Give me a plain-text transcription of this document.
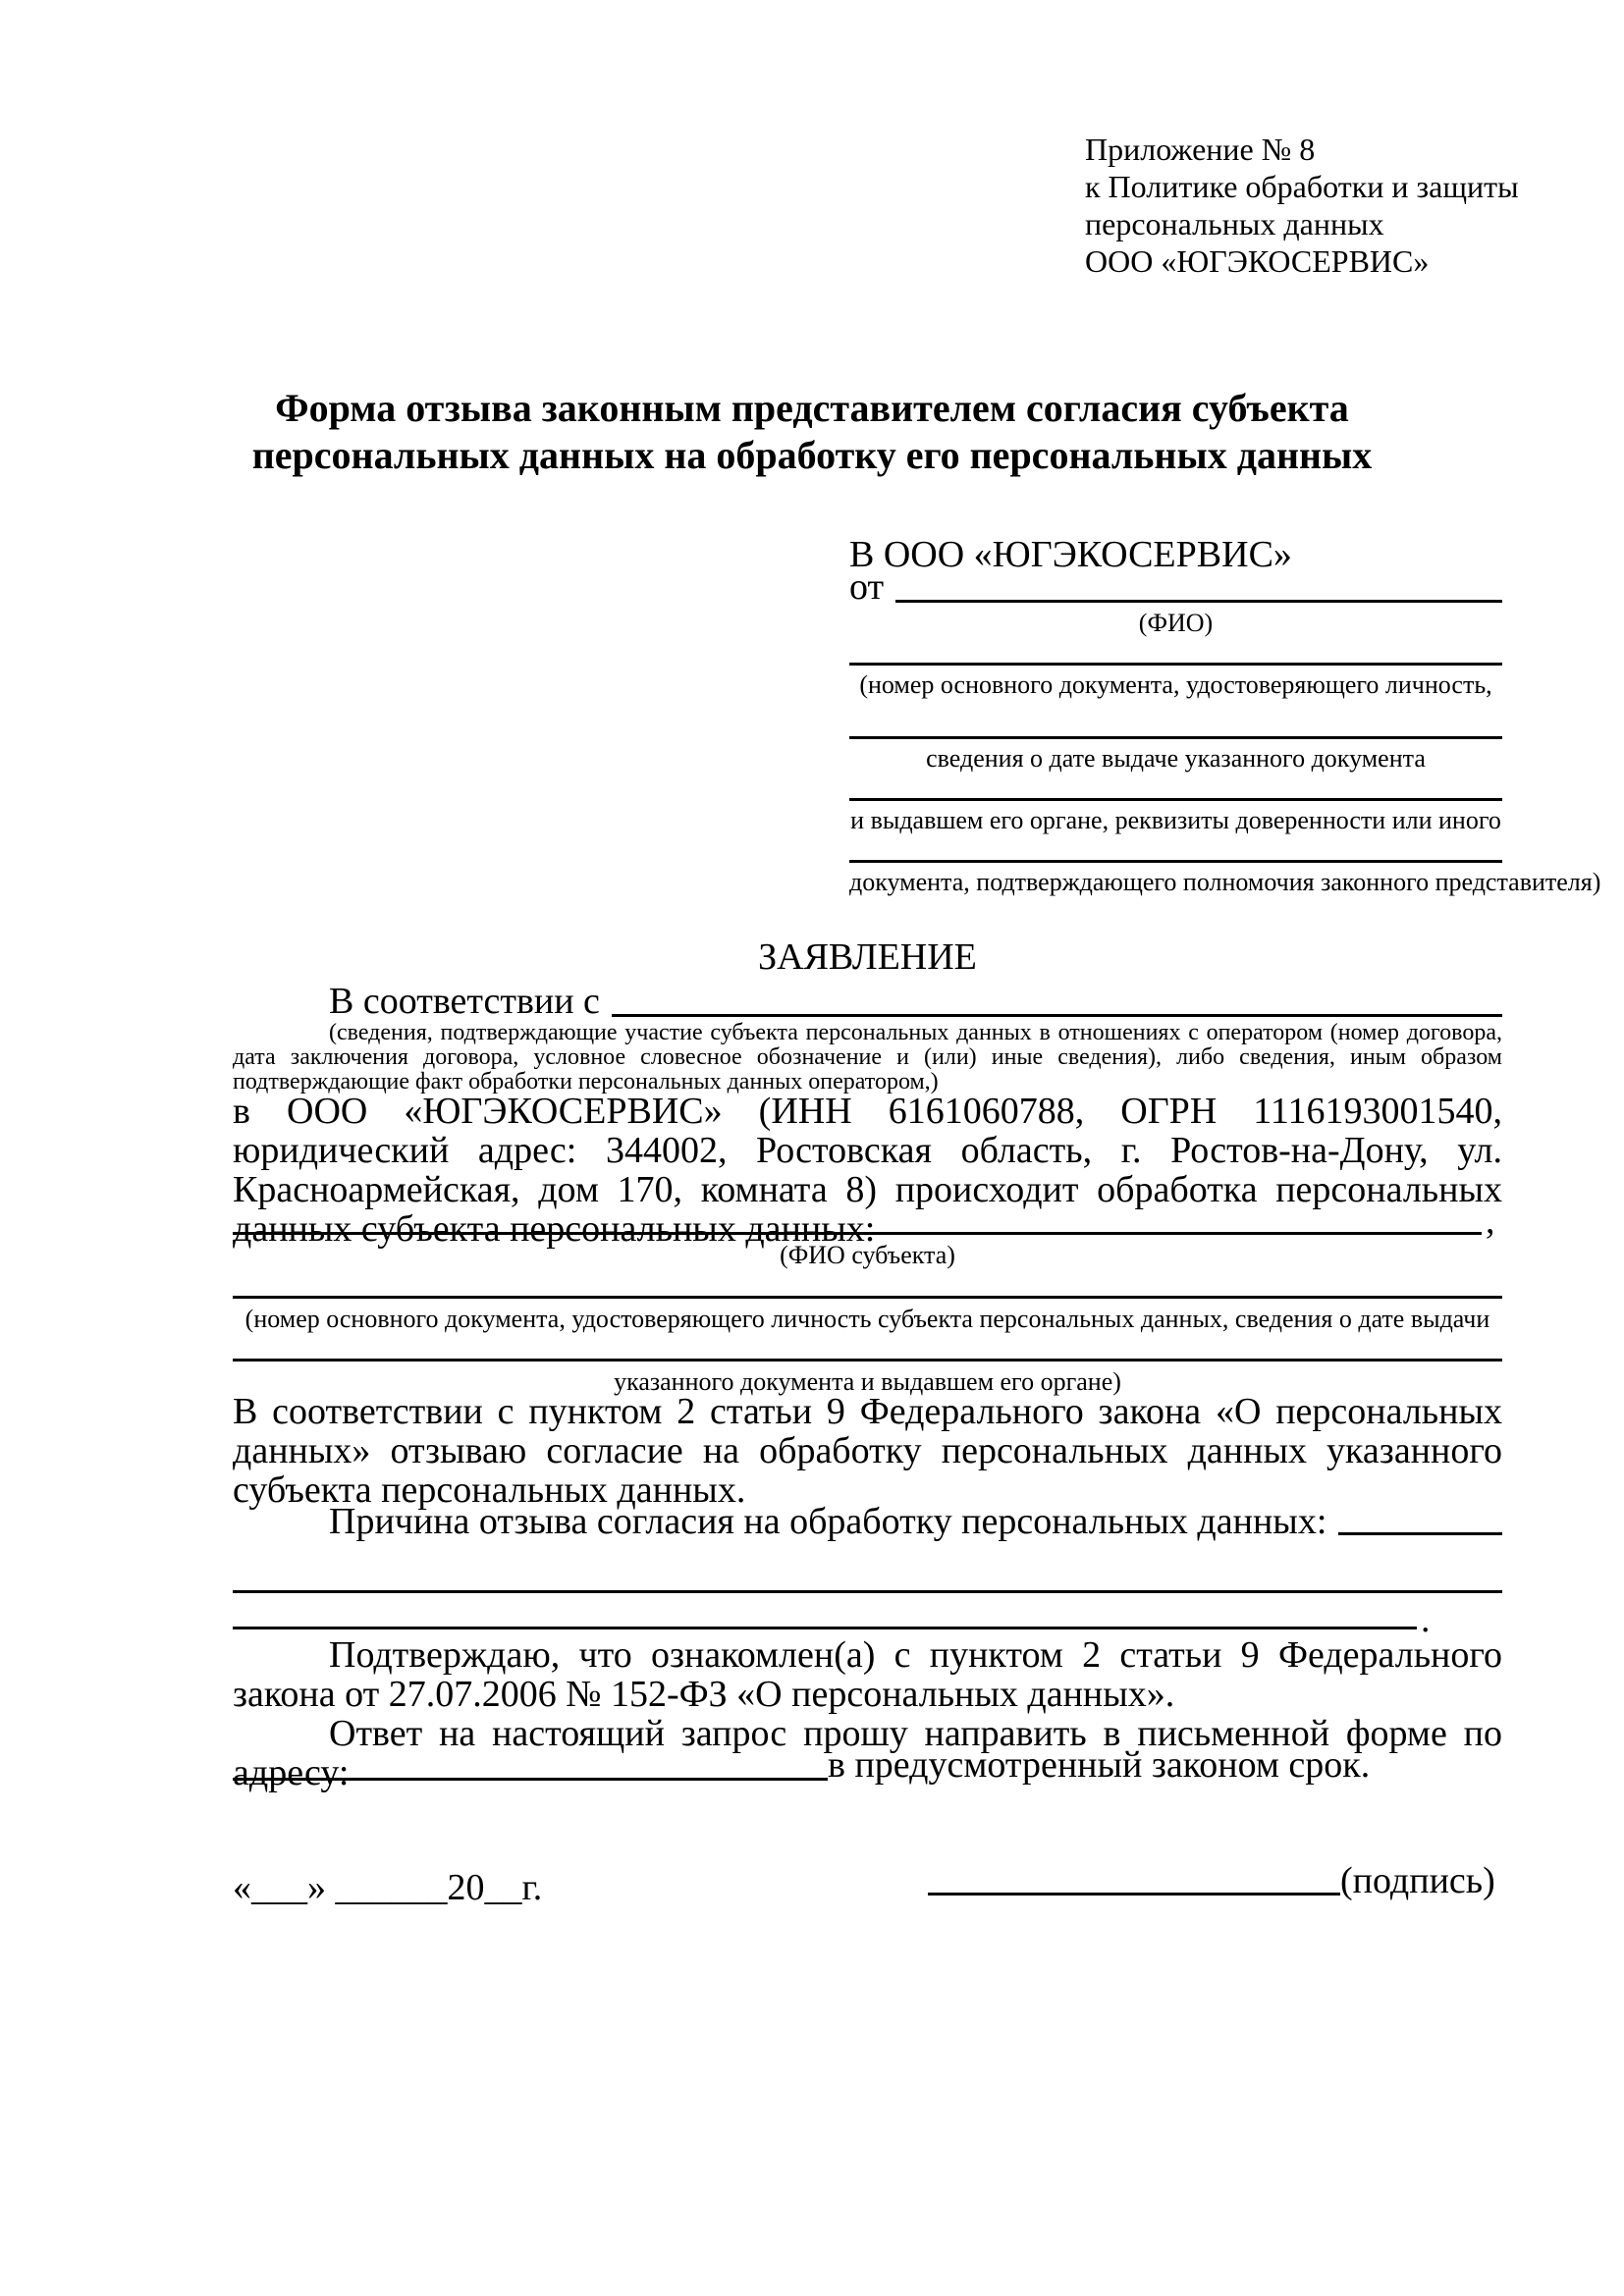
Приложение № 8
к Политике обработки и защиты
персональных данных
ООО «ЮГЭКОСЕРВИС»
Форма отзыва законным представителем согласия субъекта
персональных данных на обработку его персональных данных
В ООО «ЮГЭКОСЕРВИС»
от
(ФИО)
(номер основного документа, удостоверяющего личность,
сведения о дате выдаче указанного документа
и выдавшем его органе, реквизиты доверенности или иного
документа, подтверждающего полномочия законного представителя)
ЗАЯВЛЕНИЕ
В соответствии с
(сведения, подтверждающие участие субъекта персональных данных в отношениях с оператором (номер договора, дата заключения договора, условное словесное обозначение и (или) иные сведения), либо сведения, иным образом подтверждающие факт обработки персональных данных оператором,)
в ООО «ЮГЭКОСЕРВИС» (ИНН 6161060788, ОГРН 1116193001540, юридический адрес: 344002, Ростовская область, г. Ростов-на-Дону, ул. Красноармейская, дом 170, комната 8) происходит обработка персональных данных субъекта персональных данных:	,
(ФИО субъекта)
(номер основного документа, удостоверяющего личность субъекта персональных данных, сведения о дате выдачи
указанного документа и выдавшем его органе)
В соответствии с пунктом 2 статьи 9 Федерального закона «О персональных данных» отзываю согласие на обработку персональных данных указанного субъекта персональных данных.
Причина отзыва согласия на обработку персональных данных:
.
Подтверждаю, что ознакомлен(а) с пунктом 2 статьи 9 Федерального закона от 27.07.2006 № 152-ФЗ «О персональных данных».
Ответ на настоящий запрос прошу направить в письменной форме по адресу:	в предусмотренный законом срок.
«___» ______20__г.	(подпись)
